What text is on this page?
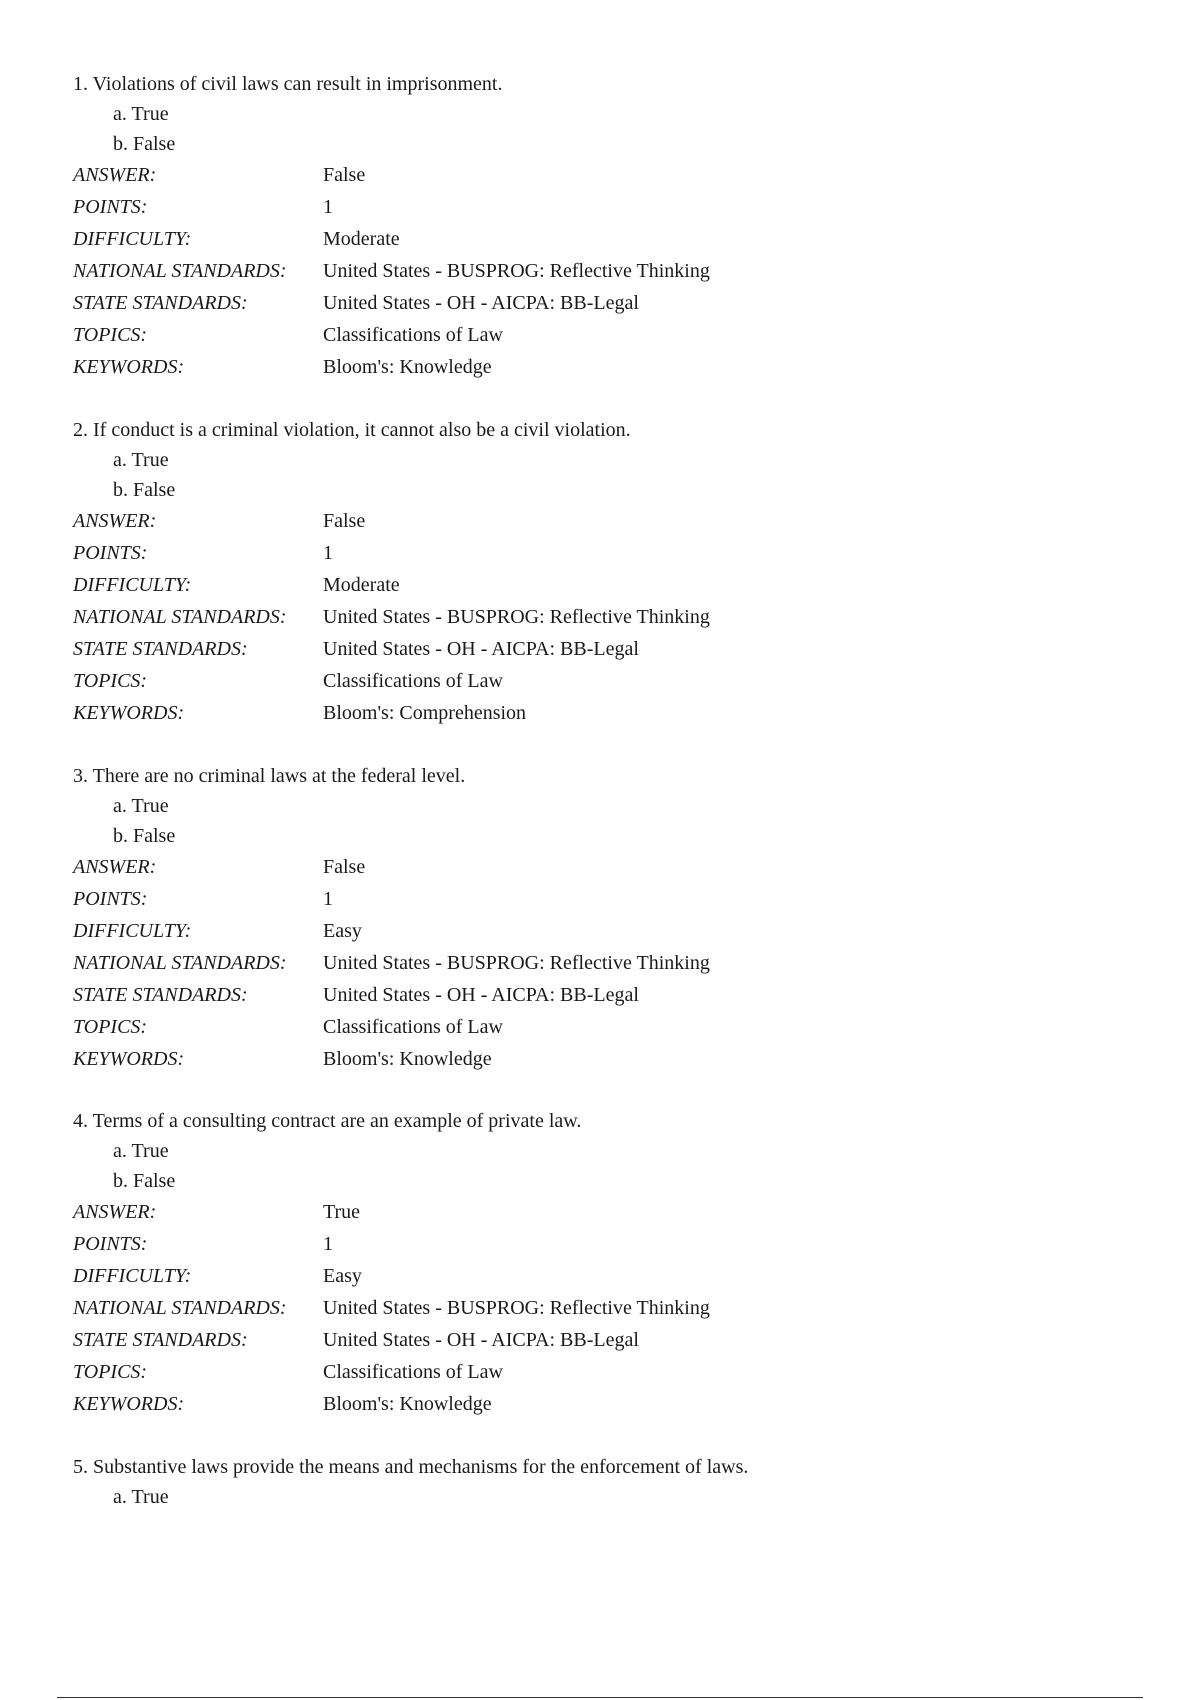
1. Violations of civil laws can result in imprisonment.
a. True
b. False
ANSWER:	False
POINTS:	1
DIFFICULTY:	Moderate
NATIONAL STANDARDS:	United States - BUSPROG: Reflective Thinking
STATE STANDARDS:	United States - OH - AICPA: BB-Legal
TOPICS:	Classifications of Law
KEYWORDS:	Bloom's: Knowledge
2. If conduct is a criminal violation, it cannot also be a civil violation.
a. True
b. False
ANSWER:	False
POINTS:	1
DIFFICULTY:	Moderate
NATIONAL STANDARDS:	United States - BUSPROG: Reflective Thinking
STATE STANDARDS:	United States - OH - AICPA: BB-Legal
TOPICS:	Classifications of Law
KEYWORDS:	Bloom's: Comprehension
3. There are no criminal laws at the federal level.
a. True
b. False
ANSWER:	False
POINTS:	1
DIFFICULTY:	Easy
NATIONAL STANDARDS:	United States - BUSPROG: Reflective Thinking
STATE STANDARDS:	United States - OH - AICPA: BB-Legal
TOPICS:	Classifications of Law
KEYWORDS:	Bloom's: Knowledge
4. Terms of a consulting contract are an example of private law.
a. True
b. False
ANSWER:	True
POINTS:	1
DIFFICULTY:	Easy
NATIONAL STANDARDS:	United States - BUSPROG: Reflective Thinking
STATE STANDARDS:	United States - OH - AICPA: BB-Legal
TOPICS:	Classifications of Law
KEYWORDS:	Bloom's: Knowledge
5. Substantive laws provide the means and mechanisms for the enforcement of laws.
a. True
